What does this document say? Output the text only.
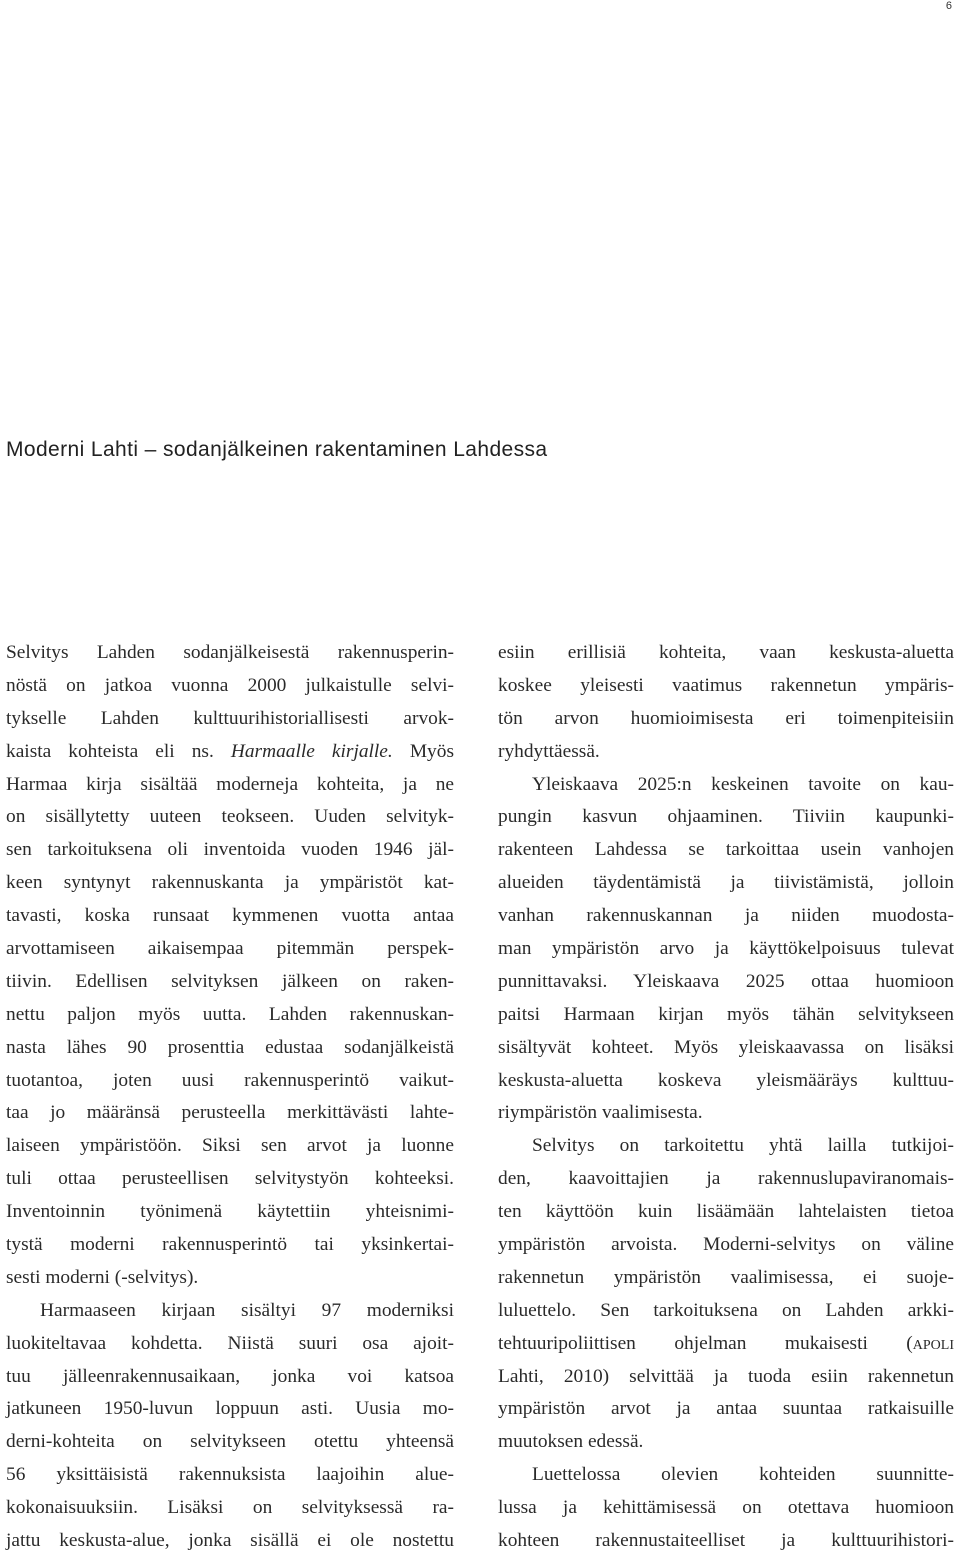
6
Moderni Lahti – sodanjälkeinen rakentaminen Lahdessa
Selvitys Lahden sodanjälkeisestä rakennusperin-
nöstä on jatkoa vuonna 2000 julkaistulle selvi-
tykselle Lahden kulttuurihistoriallisesti arvok-
kaista kohteista eli ns. Harmaalle kirjalle. Myös
Harmaa kirja sisältää moderneja kohteita, ja ne
on sisällytetty uuteen teokseen. Uuden selvityk-
sen tarkoituksena oli inventoida vuoden 1946 jäl-
keen syntynyt rakennuskanta ja ympäristöt kat-
tavasti, koska runsaat kymmenen vuotta antaa
arvottamiseen aikaisempaa pitemmän perspek-
tiivin. Edellisen selvityksen jälkeen on raken-
nettu paljon myös uutta. Lahden rakennuskan-
nasta lähes 90 prosenttia edustaa sodanjälkeistä
tuotantoa, joten uusi rakennusperintö vaikut-
taa jo määränsä perusteella merkittävästi lahte-
laiseen ympäristöön. Siksi sen arvot ja luonne
tuli ottaa perusteellisen selvitystyön kohteeksi.
Inventoinnin työnimenä käytettiin yhteisnimi-
tystä moderni rakennusperintö tai yksinkertai-
sesti moderni (-selvitys).
Harmaaseen kirjaan sisältyi 97 moderniksi
luokiteltavaa kohdetta. Niistä suuri osa ajoit-
tuu jälleenrakennusaikaan, jonka voi katsoa
jatkuneen 1950-luvun loppuun asti. Uusia mo-
derni-kohteita on selvitykseen otettu yhteensä
56 yksittäisistä rakennuksista laajoihin alue-
kokonaisuuksiin. Lisäksi on selvityksessä ra-
jattu keskusta-alue, jonka sisällä ei ole nostettu
esiin erillisiä kohteita, vaan keskusta-aluetta
koskee yleisesti vaatimus rakennetun ympäris-
tön arvon huomioimisesta eri toimenpiteisiin
ryhdyttäessä.
Yleiskaava 2025:n keskeinen tavoite on kau-
pungin kasvun ohjaaminen. Tiiviin kaupunki-
rakenteen Lahdessa se tarkoittaa usein vanhojen
alueiden täydentämistä ja tiivistämistä, jolloin
vanhan rakennuskannan ja niiden muodosta-
man ympäristön arvo ja käyttökelpoisuus tulevat
punnittavaksi. Yleiskaava 2025 ottaa huomioon
paitsi Harmaan kirjan myös tähän selvitykseen
sisältyvät kohteet. Myös yleiskaavassa on lisäksi
keskusta-aluetta koskeva yleismääräys kulttuu-
riympäristön vaalimisesta.
Selvitys on tarkoitettu yhtä lailla tutkijoi-
den, kaavoittajien ja rakennuslupaviranomais-
ten käyttöön kuin lisäämään lahtelaisten tietoa
ympäristön arvoista. Moderni-selvitys on väline
rakennetun ympäristön vaalimisessa, ei suoje-
luluettelo. Sen tarkoituksena on Lahden arkki-
tehtuuripoliittisen ohjelman mukaisesti (apoli
Lahti, 2010) selvittää ja tuoda esiin rakennetun
ympäristön arvot ja antaa suuntaa ratkaisuille
muutoksen edessä.
Luettelossa olevien kohteiden suunnitte-
lussa ja kehittämisessä on otettava huomioon
kohteen rakennustaiteelliset ja kulttuurihistori-
